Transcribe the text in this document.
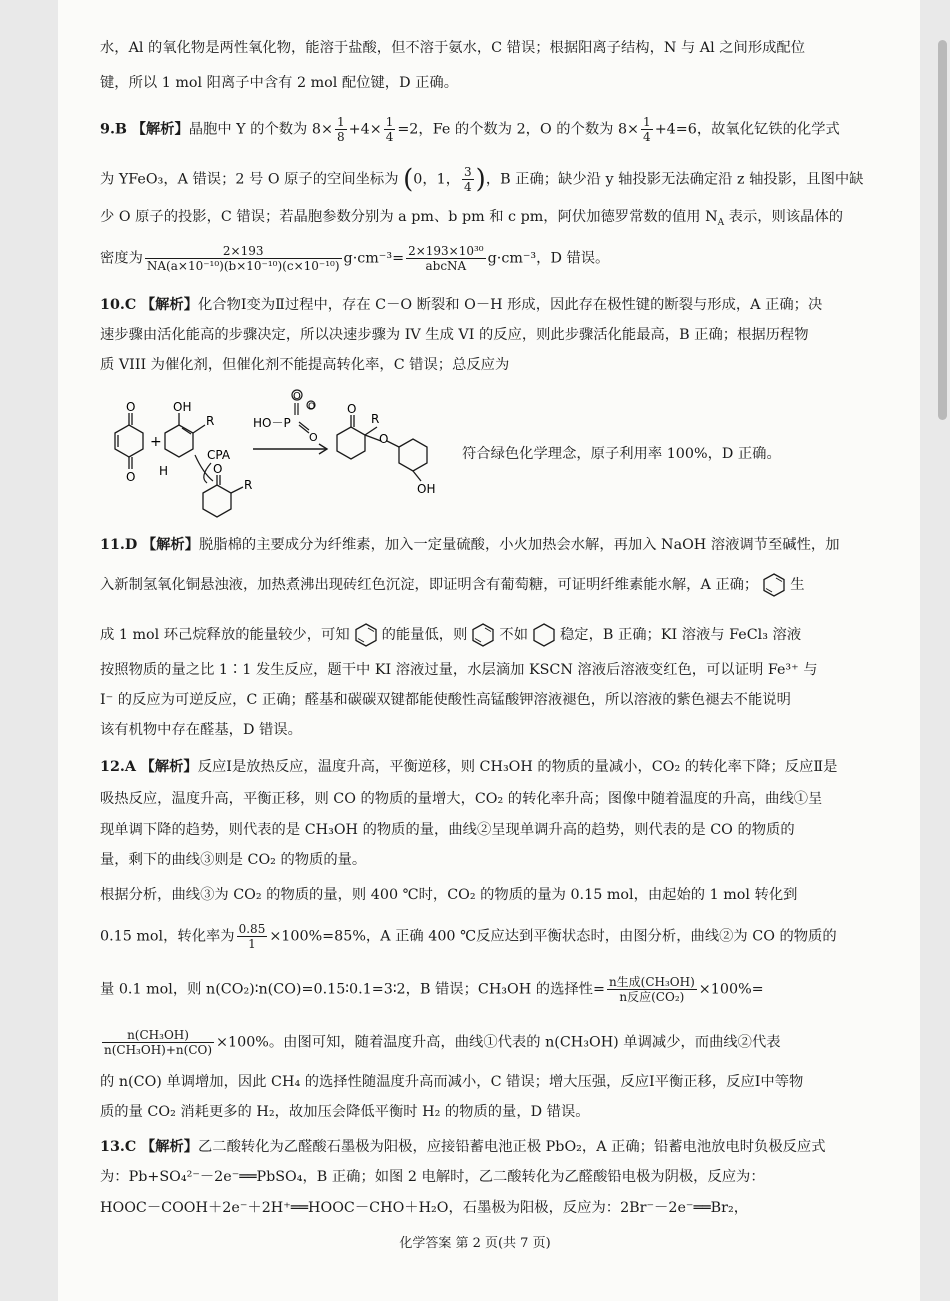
水，Al 的氧化物是两性氧化物，能溶于盐酸，但不溶于氨水，C 错误；根据阳离子结构，N 与 Al 之间形成配位
键，所以 1 mol 阳离子中含有 2 mol 配位键，D 正确。
9.B 【解析】晶胞中 Y 的个数为 $8\times \frac{1}{8} +4\times \frac{1}{4} =2$，Fe 的个数为 2，O 的个数为 $8\times \frac{1}{4} +4=6$，故氧化钇铁的化学式
为 YFeO₃，A 错误；2 号 O 原子的空间坐标为 (0，1， $\frac{3}{4}$ )，B 正确；缺少沿 y 轴投影无法确定沿 z 轴投影，且图中缺
少 O 原子的投影，C 错误；若晶胞参数分别为 a pm、b pm 和 c pm，阿伏加德罗常数的值用 $N_A$ 表示，则该晶体的
密度为 $\frac{2\times 193}{\text{NA(a×10⁻¹⁰)(b×10⁻¹⁰)(c×10⁻¹⁰)}} g\cdot cm^{-3}= \frac{\text{2×193×10³⁰}}{\text{abcNA}} g\cdot cm^{-3}$，D 错误。
10.C 【解析】化合物Ⅰ变为Ⅱ过程中，存在 C－O 断裂和 O－H 形成，因此存在极性键的断裂与形成，A 正确；决
速步骤由活化能高的步骤决定，所以决速步骤为 IV 生成 VI 的反应，则此步骤活化能最高，B 正确；根据历程物
质 VIII 为催化剂，但催化剂不能提高转化率，C 错误；总反应为
O
O
+
OH
R
H
CPA
O
R
HO－P
O
O
O
O
R
O
OH
符合绿色化学理念，原子利用率 100%，D 正确。
11.D 【解析】脱脂棉的主要成分为纤维素，加入一定量硫酸，小火加热会水解，再加入 NaOH 溶液调节至碱性，加
入新制氢氧化铜悬浊液，加热煮沸出现砖红色沉淀，即证明含有葡萄糖，可证明纤维素能水解，A 正确； 生
成 1 mol 环己烷释放的能量较少，可知 的能量低，则 不如 稳定，B 正确；KI 溶液与 FeCl₃ 溶液
按照物质的量之比 1∶1 发生反应，题干中 KI 溶液过量，水层滴加 KSCN 溶液后溶液变红色，可以证明 Fe³⁺ 与
I⁻ 的反应为可逆反应，C 正确；醛基和碳碳双键都能使酸性高锰酸钾溶液褪色，所以溶液的紫色褪去不能说明
该有机物中存在醛基，D 错误。
12.A 【解析】反应Ⅰ是放热反应，温度升高，平衡逆移，则 CH₃OH 的物质的量减小，CO₂ 的转化率下降；反应Ⅱ是
吸热反应，温度升高，平衡正移，则 CO 的物质的量增大，CO₂ 的转化率升高；图像中随着温度的升高，曲线①呈
现单调下降的趋势，则代表的是 CH₃OH 的物质的量，曲线②呈现单调升高的趋势，则代表的是 CO 的物质的
量，剩下的曲线③则是 CO₂ 的物质的量。
根据分析，曲线③为 CO₂ 的物质的量，则 400 ℃时，CO₂ 的物质的量为 0.15 mol，由起始的 1 mol 转化到
0.15 mol，转化率为 $\frac{0.85}{1} \times 100\%=85\%$，A 正确 400 ℃反应达到平衡状态时，由图分析，曲线②为 CO 的物质的
量 0.1 mol，则 n(CO₂)∶n(CO)=0.15∶0.1=3∶2，B 错误；CH₃OH 的选择性= $\frac{\text{n生成(CH₃OH)}}{\text{n反应(CO₂)}} \times 100\%=$
$\frac{\text{n(CH₃OH)}}{\text{n(CH₃OH)+n(CO)}} \times 100\%$。由图可知，随着温度升高，曲线①代表的 n(CH₃OH) 单调减少，而曲线②代表
的 n(CO) 单调增加，因此 CH₄ 的选择性随温度升高而减小，C 错误；增大压强，反应Ⅰ平衡正移，反应Ⅰ中等物
质的量 CO₂ 消耗更多的 H₂，故加压会降低平衡时 H₂ 的物质的量，D 错误。
13.C 【解析】乙二酸转化为乙醛酸石墨极为阳极，应接铅蓄电池正极 PbO₂，A 正确；铅蓄电池放电时负极反应式
为：Pb+SO₄²⁻－2e⁻══PbSO₄，B 正确；如图 2 电解时，乙二酸转化为乙醛酸铅电极为阴极，反应为：
HOOC－COOH＋2e⁻＋2H⁺══HOOC－CHO＋H₂O，石墨极为阳极，反应为：2Br⁻－2e⁻══Br₂，
化学答案 第 2 页(共 7 页)
